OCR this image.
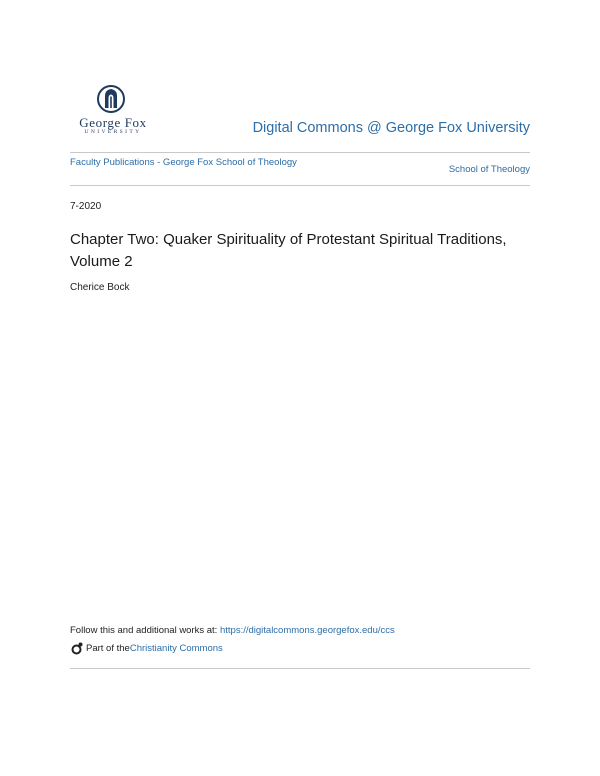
George Fox
UNIVERSITY	Digital Commons @ George Fox University
Faculty Publications - George Fox School of Theology
School of Theology
7-2020
Chapter Two: Quaker Spirituality of Protestant Spiritual Traditions, Volume 2
Cherice Bock
Follow this and additional works at: https://digitalcommons.georgefox.edu/ccs
Part of the Christianity Commons
